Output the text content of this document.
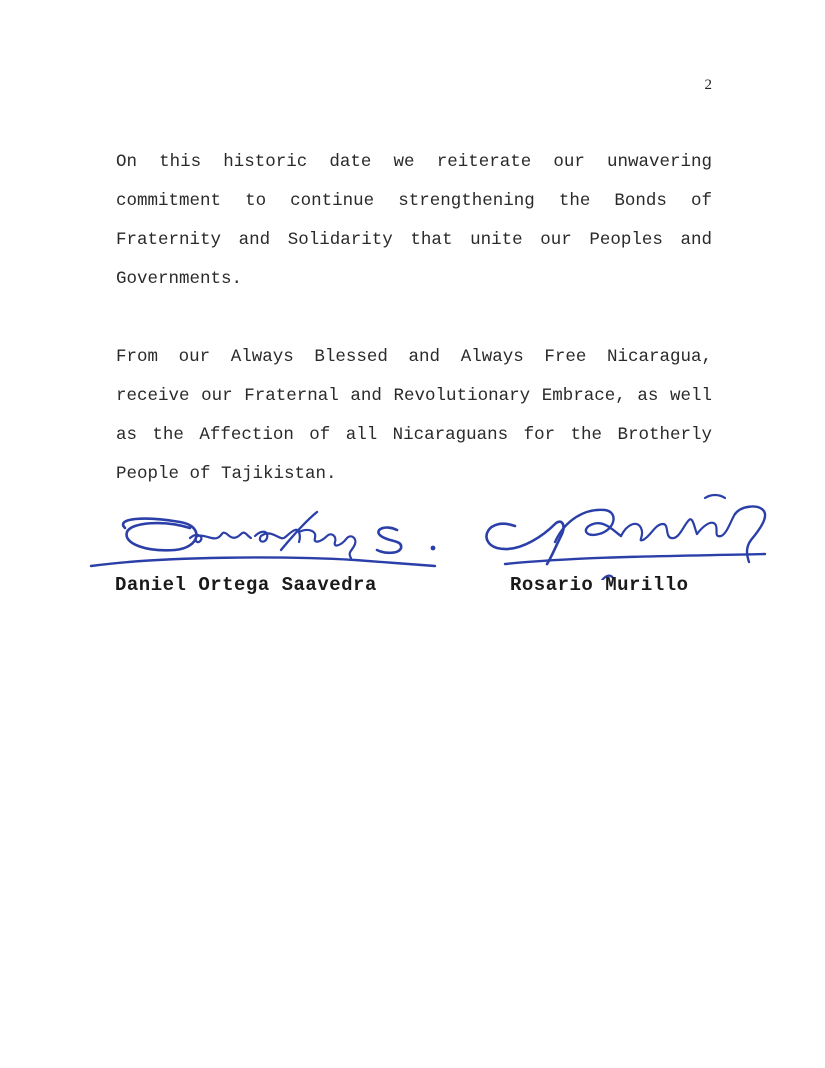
2

On this historic date we reiterate our unwavering commitment to continue strengthening the Bonds of Fraternity and Solidarity that unite our Peoples and Governments.

From our Always Blessed and Always Free Nicaragua, receive our Fraternal and Revolutionary Embrace, as well as the Affection of all Nicaraguans for the Brotherly People of Tajikistan.

Daniel Ortega Saavedra	Rosario Murillo
